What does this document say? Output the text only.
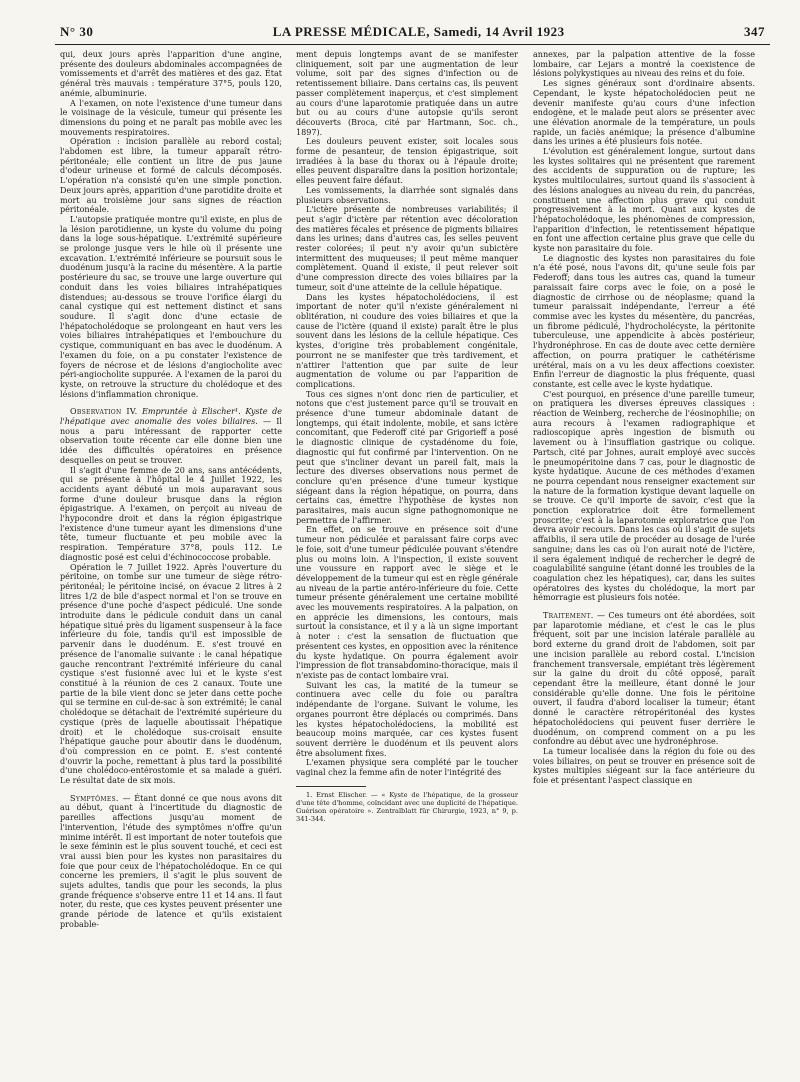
N° 30	LA PRESSE MÉDICALE, Samedi, 14 Avril 1923	347

qui, deux jours après l'apparition d'une angine, présente des douleurs abdominales accompagnées de vomissements et d'arrêt des matières et des gaz. État général très mauvais : température 37°5, pouls 120, anémie, albuminurie.

A l'examen, on note l'existence d'une tumeur dans le voisinage de la vésicule, tumeur qui présente les dimensions du poing et ne paraît pas mobile avec les mouvements respiratoires.

Opération : incision parallèle au rebord costal; l'abdomen est libre, la tumeur apparaît rétro-péritonéale; elle contient un litre de pus jaune d'odeur urineuse et formé de calculs décomposés. L'opération n'a consisté qu'en une simple ponction. Deux jours après, apparition d'une parotidite droite et mort au troisième jour sans signes de réaction péritonéale.

L'autopsie pratiquée montre qu'il existe, en plus de la lésion parotidienne, un kyste du volume du poing dans la loge sous-hépatique. L'extrémité supérieure se prolonge jusque vers le hile où il présente une excavation. L'extrémité inférieure se poursuit sous le duodénum jusqu'à la racine du mésentère. A la partie postérieure du sac, se trouve une large ouverture qui conduit dans les voies biliaires intrahépatiques distendues; au-dessous se trouve l'orifice élargi du canal cystique qui est nettement distinct et sans soudure. Il s'agit donc d'une ectasie de l'hépatocholédoque se prolongeant en haut vers les voies biliaires intrahépatiques et l'embouchure du cystique, communiquant en bas avec le duodénum. A l'examen du foie, on a pu constater l'existence de foyers de nécrose et de lésions d'angiocholite avec péri-angiocholite suppurée. A l'examen de la paroi du kyste, on retrouve la structure du cholédoque et des lésions d'inflammation chronique.

Observation IV. Empruntée à Elischer¹. Kyste de l'hépatique avec anomalie des voies biliaires. — Il nous a paru intéressant de rapporter cette observation toute récente car elle donne bien une idée des difficultés opératoires en présence desquelles on peut se trouver.

Il s'agit d'une femme de 20 ans, sans antécédents, qui se présente à l'hôpital le 4 Juillet 1922, les accidents ayant débuté un mois auparavant sous forme d'une douleur brusque dans la région épigastrique. A l'examen, on perçoit au niveau de l'hypocondre droit et dans la région épigastrique l'existence d'une tumeur ayant les dimensions d'une tête, tumeur fluctuante et peu mobile avec la respiration. Température 37°8, pouls 112. Le diagnostic posé est celui d'échinococcose probable.

Opération le 7 Juillet 1922. Après l'ouverture du péritoine, on tombe sur une tumeur de siège rétro-péritonéal; le péritoine incisé, on évacue 2 litres à 2 litres 1/2 de bile d'aspect normal et l'on se trouve en présence d'une poche d'aspect pédiculé. Une sonde introduite dans le pédicule conduit dans un canal hépatique situé près du ligament suspenseur à la face inférieure du foie, tandis qu'il est impossible de parvenir dans le duodénum. E. s'est trouvé en présence de l'anomalie suivante : le canal hépatique gauche rencontrant l'extrémité inférieure du canal cystique s'est fusionné avec lui et le kyste s'est constitué à la réunion de ces 2 canaux. Toute une partie de la bile vient donc se jeter dans cette poche qui se termine en cul-de-sac à son extrémité; le canal cholédoque se détachait de l'extrémité supérieure du cystique (près de laquelle aboutissait l'hépatique droit) et le cholédoque sus-croisait ensuite l'hépatique gauche pour aboutir dans le duodénum, d'où compression en ce point. E. s'est contenté d'ouvrir la poche, remettant à plus tard la possibilité d'une cholédoco-entérostomie et sa malade a guéri. Le résultat date de six mois.

Symptômes. — Étant donné ce que nous avons dit au début, quant à l'incertitude du diagnostic de pareilles affections jusqu'au moment de l'intervention, l'étude des symptômes n'offre qu'un minime intérêt. Il est important de noter toutefois que le sexe féminin est le plus souvent touché, et ceci est vrai aussi bien pour les kystes non parasitaires du foie que pour ceux de l'hépatocholédoque. En ce qui concerne les premiers, il s'agit le plus souvent de sujets adultes, tandis que pour les seconds, la plus grande fréquence s'observe entre 11 et 14 ans. Il faut noter, du reste, que ces kystes peuvent présenter une grande période de latence et qu'ils existaient probable-

ment depuis longtemps avant de se manifester cliniquement, soit par une augmentation de leur volume, soit par des signes d'infection ou de retentissement biliaire. Dans certains cas, ils peuvent passer complètement inaperçus, et c'est simplement au cours d'une laparotomie pratiquée dans un autre but ou au cours d'une autopsie qu'ils seront découverts (Broca, cité par Hartmann, Soc. ch., 1897).

Les douleurs peuvent exister, soit locales sous forme de pesanteur, de tension épigastrique, soit irradiées à la base du thorax ou à l'épaule droite; elles peuvent disparaître dans la position horizontale; elles peuvent faire défaut.

Les vomissements, la diarrhée sont signalés dans plusieurs observations.

L'ictère présente de nombreuses variabilités; il peut s'agir d'ictère par rétention avec décoloration des matières fécales et présence de pigments biliaires dans les urines; dans d'autres cas, les selles peuvent rester colorées; il peut n'y avoir qu'un subictère intermittent des muqueuses; il peut même manquer complètement. Quand il existe, il peut relever soit d'une compression directe des voies biliaires par la tumeur, soit d'une atteinte de la cellule hépatique.

Dans les kystes hépatocholédociens, il est important de noter qu'il n'existe généralement ni oblitération, ni coudure des voies biliaires et que la cause de l'ictère (quand il existe) paraît être le plus souvent dans les lésions de la cellule hépatique. Ces kystes, d'origine très probablement congénitale, pourront ne se manifester que très tardivement, et n'attirer l'attention que par suite de leur augmentation de volume ou par l'apparition de complications.

Tous ces signes n'ont donc rien de particulier, et notons que c'est justement parce qu'il se trouvait en présence d'une tumeur abdominale datant de longtemps, qui était indolente, mobile, et sans ictère concomitant, que Federoff cité par Grigorieff a posé le diagnostic clinique de cystadénome du foie, diagnostic qui fut confirmé par l'intervention. On ne peut que s'incliner devant un pareil fait, mais la lecture des diverses observations nous permet de conclure qu'en présence d'une tumeur kystique siégeant dans la région hépatique, on pourra, dans certains cas, émettre l'hypothèse de kystes non parasitaires, mais aucun signe pathognomonique ne permettra de l'affirmer.

En effet, on se trouve en présence soit d'une tumeur non pédiculée et paraissant faire corps avec le foie, soit d'une tumeur pédiculée pouvant s'étendre plus ou moins loin. A l'inspection, il existe souvent une voussure en rapport avec le siège et le développement de la tumeur qui est en règle générale au niveau de la partie antéro-inférieure du foie. Cette tumeur présente généralement une certaine mobilité avec les mouvements respiratoires. A la palpation, on en apprécie les dimensions, les contours, mais surtout la consistance, et il y a là un signe important à noter : c'est la sensation de fluctuation que présentent ces kystes, en opposition avec la rénitence du kyste hydatique. On pourra également avoir l'impression de flot transabdomino-thoracique, mais il n'existe pas de contact lombaire vrai.

Suivant les cas, la matité de la tumeur se continuera avec celle du foie ou paraîtra indépendante de l'organe. Suivant le volume, les organes pourront être déplacés ou comprimés. Dans les kystes hépatocholédociens, la mobilité est beaucoup moins marquée, car ces kystes fusent souvent derrière le duodénum et ils peuvent alors être absolument fixes.

L'examen physique sera complété par le toucher vaginal chez la femme afin de noter l'intégrité des

1. Ernst Elischer. — « Kyste de l'hépatique, de la grosseur d'une tête d'homme, coïncidant avec une duplicité de l'hépatique. Guérison opératoire ». Zentralblatt für Chirurgie, 1923, n° 9, p. 341-344.

annexes, par la palpation attentive de la fosse lombaire, car Lejars a montré la coexistence de lésions polykystiques au niveau des reins et du foie.

Les signes généraux sont d'ordinaire absents. Cependant, le kyste hépatocholédocien peut ne devenir manifeste qu'au cours d'une infection endogène, et le malade peut alors se présenter avec une élévation anormale de la température, un pouls rapide, un faciès anémique; la présence d'albumine dans les urines a été plusieurs fois notée.

L'évolution est généralement longue, surtout dans les kystes solitaires qui ne présentent que rarement des accidents de suppuration ou de rupture; les kystes multiloculaires, surtout quand ils s'associent à des lésions analogues au niveau du rein, du pancréas, constituent une affection plus grave qui conduit progressivement à la mort. Quant aux kystes de l'hépatocholédoque, les phénomènes de compression, l'apparition d'infection, le retentissement hépatique en font une affection certaine plus grave que celle du kyste non parasitaire du foie.

Le diagnostic des kystes non parasitaires du foie n'a été posé, nous l'avons dit, qu'une seule fois par Federoff; dans tous les autres cas, quand la tumeur paraissait faire corps avec le foie, on a posé le diagnostic de cirrhose ou de néoplasme; quand la tumeur paraissait indépendante, l'erreur a été commise avec les kystes du mésentère, du pancréas, un fibrome pédiculé, l'hydrocholécyste, la péritonite tuberculeuse, une appendicite à abcès postérieur, l'hydronéphrose. En cas de doute avec cette dernière affection, on pourra pratiquer le cathétérisme urétéral, mais on a vu les deux affections coexister. Enfin l'erreur de diagnostic la plus fréquente, quasi constante, est celle avec le kyste hydatique.

C'est pourquoi, en présence d'une pareille tumeur, on pratiquera les diverses épreuves classiques : réaction de Weinberg, recherche de l'éosinophilie; on aura recours à l'examen radiographique et radioscopique après ingestion de bismuth ou lavement ou à l'insufflation gastrique ou colique. Partsch, cité par Johnes, aurait employé avec succès le pneumopéritoine dans 7 cas, pour le diagnostic de kyste hydatique. Aucune de ces méthodes d'examen ne pourra cependant nous renseigner exactement sur la nature de la formation kystique devant laquelle on se trouve. Ce qu'il importe de savoir, c'est que la ponction exploratrice doit être formellement proscrite; c'est à la laparotomie exploratrice que l'on devra avoir recours. Dans les cas où il s'agit de sujets affaiblis, il sera utile de procéder au dosage de l'urée sanguine; dans les cas où l'on aurait noté de l'ictère, il sera également indiqué de rechercher le degré de coagulabilité sanguine (étant donné les troubles de la coagulation chez les hépatiques), car, dans les suites opératoires des kystes du cholédoque, la mort par hémorragie est plusieurs fois notée.

Traitement. — Ces tumeurs ont été abordées, soit par laparotomie médiane, et c'est le cas le plus fréquent, soit par une incision latérale parallèle au bord externe du grand droit de l'abdomen, soit par une incision parallèle au rebord costal. L'incision franchement transversale, empiétant très légèrement sur la gaine du droit du côté opposé, paraît cependant être la meilleure, étant donné le jour considérable qu'elle donne. Une fois le péritoine ouvert, il faudra d'abord localiser la tumeur; étant donné le caractère rétropéritonéal des kystes hépatocholédociens qui peuvent fuser derrière le duodénum, on comprend comment on a pu les confondre au début avec une hydronéphrose.

La tumeur localisée dans la région du foie ou des voies biliaires, on peut se trouver en présence soit de kystes multiples siégeant sur la face antérieure du foie et présentant l'aspect classique en
